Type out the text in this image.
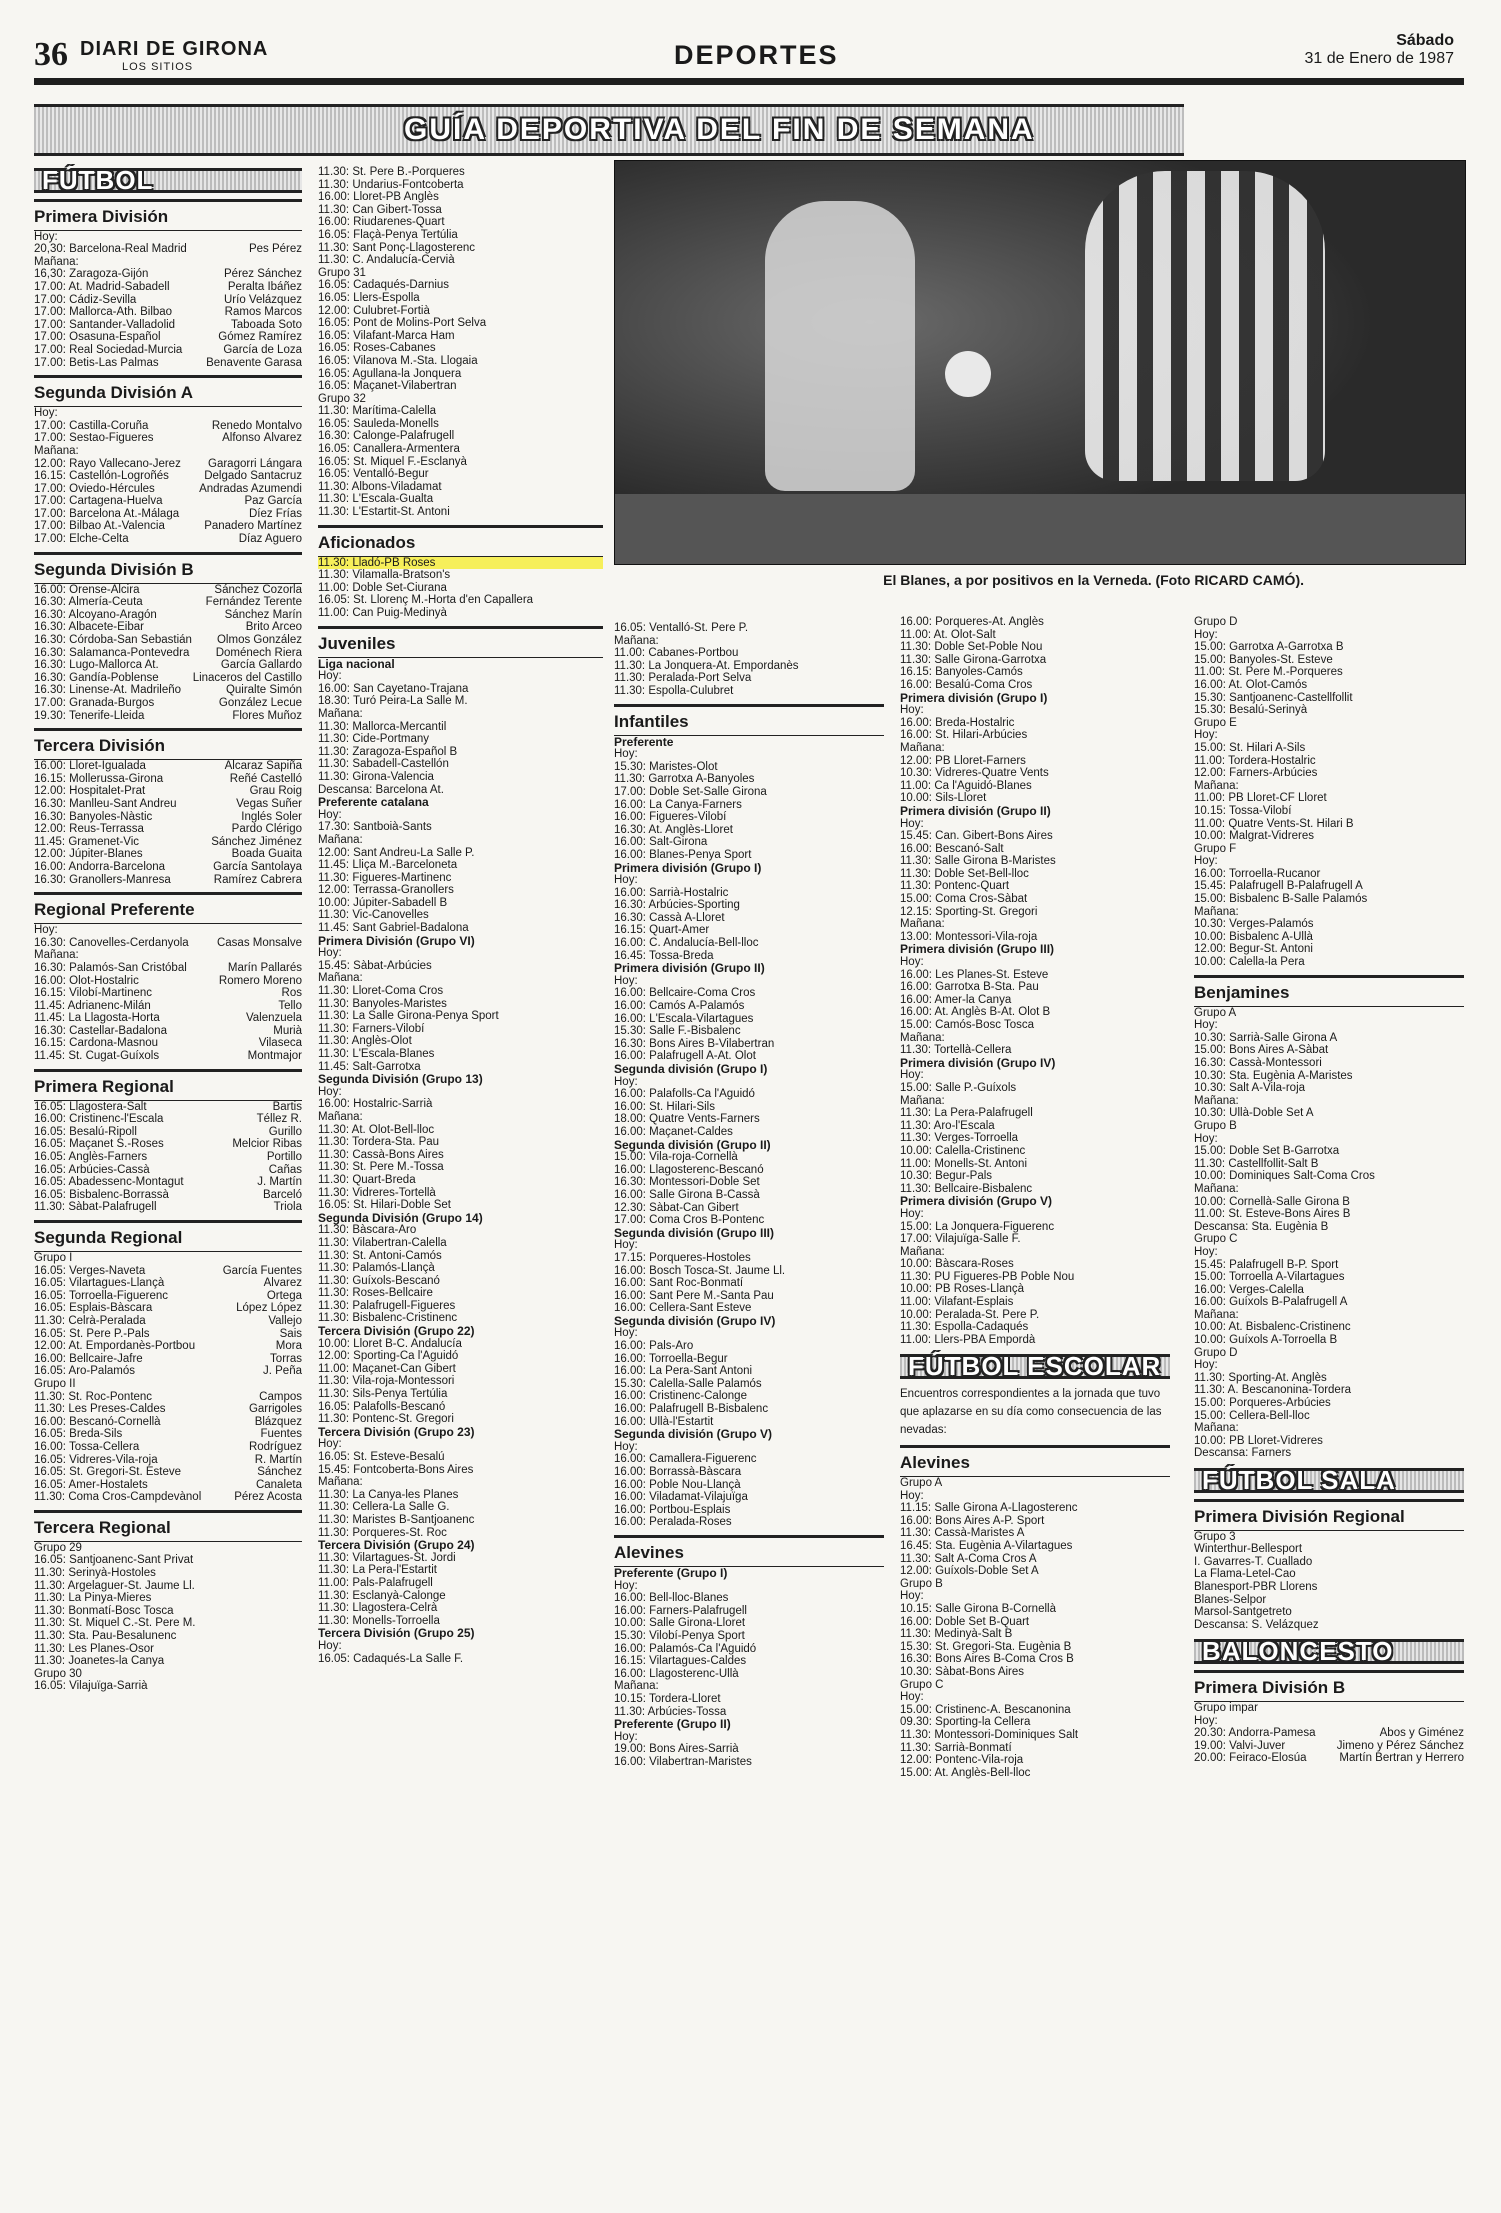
36 DIARI DE GIRONA
LOS SITIOS	DEPORTES	Sábado
31 de Enero de 1987
GUÍA DEPORTIVA DEL FIN DE SEMANA
El Blanes, a por positivos en la Verneda. (Foto RICARD CAMÓ).
FÚTBOL
Primera División
Hoy:
20,30: Barcelona-Real Madrid	Pes Pérez
Mañana:
16,30: Zaragoza-Gijón	Pérez Sánchez
17.00: At. Madrid-Sabadell	Peralta Ibáñez
17.00: Cádiz-Sevilla	Urío Velázquez
17.00: Mallorca-Ath. Bilbao	Ramos Marcos
17.00: Santander-Valladolid	Taboada Soto
17.00: Osasuna-Español	Gómez Ramírez
17.00: Real Sociedad-Murcia	García de Loza
17.00: Betis-Las Palmas	Benavente Garasa
Segunda División A
Hoy:
17.00: Castilla-Coruña	Renedo Montalvo
17.00: Sestao-Figueres	Alfonso Álvarez
Mañana:
12.00: Rayo Vallecano-Jerez	Garagorri Lángara
16.15: Castellón-Logroñés	Delgado Santacruz
17.00: Oviedo-Hércules	Andradas Azumendi
17.00: Cartagena-Huelva	Paz García
17.00: Barcelona At.-Málaga	Díez Frías
17.00: Bilbao At.-Valencia	Panadero Martínez
17.00: Elche-Celta	Díaz Aguero
Segunda División B
16.00: Orense-Alcira	Sánchez Cozorla
16.30: Almería-Ceuta	Fernández Terente
16.30: Alcoyano-Aragón	Sánchez Marín
16.30: Albacete-Eibar	Brito Arceo
16.30: Córdoba-San Sebastián	Olmos González
16.30: Salamanca-Pontevedra	Doménech Riera
16.30: Lugo-Mallorca At.	García Gallardo
16.30: Gandía-Poblense	Linaceros del Castillo
16.30: Linense-At. Madrileño	Quiralte Simón
17.00: Granada-Burgos	González Lecue
19.30: Tenerife-Lleida	Flores Muñoz
Tercera División
16.00: Lloret-Igualada	Alcaraz Sapiña
16.15: Mollerussa-Girona	Reñé Castelló
12.00: Hospitalet-Prat	Grau Roig
16.30: Manlleu-Sant Andreu	Vegas Suñer
16.30: Banyoles-Nàstic	Inglés Soler
12.00: Reus-Terrassa	Pardo Clérigo
11.45: Gramenet-Vic	Sánchez Jiménez
12.00: Júpiter-Blanes	Boada Guaita
16.00: Andorra-Barcelona	García Santolaya
16.30: Granollers-Manresa	Ramírez Cabrera
Regional Preferente
Hoy:
16.30: Canovelles-Cerdanyola	Casas Monsalve
Mañana:
16.30: Palamós-San Cristóbal	Marín Pallarés
16.00: Olot-Hostalric	Romero Moreno
16.15: Vilobí-Martinenc	Ros
11.45: Adrianenc-Milán	Tello
11.45: La Llagosta-Horta	Valenzuela
16.30: Castellar-Badalona	Murià
16.15: Cardona-Masnou	Vilaseca
11.45: St. Cugat-Guíxols	Montmajor
Primera Regional
16.05: Llagostera-Salt	Bartis
16.00: Cristinenc-l'Escala	Téllez R.
16.05: Besalú-Ripoll	Gurillo
16.05: Maçanet S.-Roses	Melcior Ribas
16.05: Anglès-Farners	Portillo
16.05: Arbúcies-Cassà	Cañas
16.05: Abadessenc-Montagut	J. Martín
16.05: Bisbalenc-Borrassà	Barceló
11.30: Sàbat-Palafrugell	Triola
Segunda Regional
Grupo I
16.05: Verges-Naveta	García Fuentes
16.05: Vilartagues-Llançà	Álvarez
16.05: Torroella-Figuerenc	Ortega
16.05: Esplais-Bàscara	López López
11.30: Celrà-Peralada	Vallejo
16.05: St. Pere P.-Pals	Sais
12.00: At. Empordanès-Portbou	Mora
16.00: Bellcaire-Jafre	Torras
16.05: Aro-Palamós	J. Peña
Grupo II
11.30: St. Roc-Pontenc	Campos
11.30: Les Preses-Caldes	Garrigoles
16.00: Bescanó-Cornellà	Blázquez
16.05: Breda-Sils	Fuentes
16.00: Tossa-Cellera	Rodríguez
16.05: Vidreres-Vila-roja	R. Martín
16.05: St. Gregori-St. Esteve	Sánchez
16.05: Amer-Hostalets	Canaleta
11.30: Coma Cros-Campdevànol	Pérez Acosta
Tercera Regional
Grupo 29
16.05: Santjoanenc-Sant Privat
11.30: Serinyà-Hostoles
11.30: Argelaguer-St. Jaume Ll.
11.30: La Pinya-Mieres
11.30: Bonmatí-Bosc Tosca
11.30: St. Miquel C.-St. Pere M.
11.30: Sta. Pau-Besalunenc
11.30: Les Planes-Osor
11.30: Joanetes-la Canya
Grupo 30
16.05: Vilajuïga-Sarrià
11.30: St. Pere B.-Porqueres
11.30: Undarius-Fontcoberta
16.00: Lloret-PB Anglès
11.30: Can Gibert-Tossa
16.00: Riudarenes-Quart
16.05: Flaçà-Penya Tertúlia
11.30: Sant Ponç-Llagosterenc
11.30: C. Andalucía-Cervià
Grupo 31
16.05: Cadaqués-Darnius
16.05: Llers-Espolla
12.00: Culubret-Fortià
16.05: Pont de Molins-Port Selva
16.05: Vilafant-Marca Ham
16.05: Roses-Cabanes
16.05: Vilanova M.-Sta. Llogaia
16.05: Agullana-la Jonquera
16.05: Maçanet-Vilabertran
Grupo 32
11.30: Marítima-Calella
16.05: Sauleda-Monells
16.30: Calonge-Palafrugell
16.05: Canallera-Armentera
16.05: St. Miquel F.-Esclanyà
16.05: Ventalló-Begur
11.30: Albons-Viladamat
11.30: L'Escala-Gualta
11.30: L'Estartit-St. Antoni
Aficionados
11.30: Lladó-PB Roses
11.30: Vilamalla-Bratson's
11.00: Doble Set-Ciurana
16.05: St. Llorenç M.-Horta d'en Capallera
11.00: Can Puig-Medinyà
Juveniles
Liga nacional
Hoy:
16.00: San Cayetano-Trajana
18.30: Turó Peira-La Salle M.
Mañana:
11.30: Mallorca-Mercantil
11.30: Cide-Portmany
11.30: Zaragoza-Español B
11.30: Sabadell-Castellón
11.30: Girona-Valencia
Descansa: Barcelona At.
Preferente catalana
Hoy:
17.30: Santboià-Sants
Mañana:
12.00: Sant Andreu-La Salle P.
11.45: Lliça M.-Barceloneta
11.30: Figueres-Martinenc
12.00: Terrassa-Granollers
10.00: Júpiter-Sabadell B
11.30: Vic-Canovelles
11.45: Sant Gabriel-Badalona
Primera División (Grupo VI)
Hoy:
15.45: Sàbat-Arbúcies
Mañana:
11.30: Lloret-Coma Cros
11.30: Banyoles-Maristes
11.30: La Salle Girona-Penya Sport
11.30: Farners-Vilobí
11.30: Anglès-Olot
11.30: L'Escala-Blanes
11.45: Salt-Garrotxa
Segunda División (Grupo 13)
Hoy:
16.00: Hostalric-Sarrià
Mañana:
11.30: At. Olot-Bell-lloc
11.30: Tordera-Sta. Pau
11.30: Cassà-Bons Aires
11.30: St. Pere M.-Tossa
11.30: Quart-Breda
11.30: Vidreres-Tortellà
16.05: St. Hilari-Doble Set
Segunda División (Grupo 14)
11.30: Bàscara-Aro
11.30: Vilabertran-Calella
11.30: St. Antoni-Camós
11.30: Palamós-Llançà
11.30: Guíxols-Bescanó
11.30: Roses-Bellcaire
11.30: Palafrugell-Figueres
11.30: Bisbalenc-Cristinenc
Tercera División (Grupo 22)
10.00: Lloret B-C. Andalucía
12.00: Sporting-Ca l'Aguidó
11.00: Maçanet-Can Gibert
11.30: Vila-roja-Montessori
11.30: Sils-Penya Tertúlia
16.05: Palafolls-Bescanó
11.30: Pontenc-St. Gregori
Tercera División (Grupo 23)
Hoy:
16.05: St. Esteve-Besalú
15.45: Fontcoberta-Bons Aires
Mañana:
11.30: La Canya-les Planes
11.30: Cellera-La Salle G.
11.30: Maristes B-Santjoanenc
11.30: Porqueres-St. Roc
Tercera División (Grupo 24)
11.30: Vilartagues-St. Jordi
11.30: La Pera-l'Estartit
11.00: Pals-Palafrugell
11.30: Esclanyà-Calonge
11.30: Llagostera-Celrà
11.30: Monells-Torroella
Tercera División (Grupo 25)
Hoy:
16.05: Cadaqués-La Salle F.
16.05: Ventalló-St. Pere P.
Mañana:
11.00: Cabanes-Portbou
11.30: La Jonquera-At. Empordanès
11.30: Peralada-Port Selva
11.30: Espolla-Culubret
Infantiles
Preferente
Hoy:
15.30: Maristes-Olot
11.30: Garrotxa A-Banyoles
17.00: Doble Set-Salle Girona
16.00: La Canya-Farners
16.00: Figueres-Vilobí
16.30: At. Anglès-Lloret
16.00: Salt-Girona
16.00: Blanes-Penya Sport
Primera división (Grupo I)
Hoy:
16.00: Sarrià-Hostalric
16.30: Arbúcies-Sporting
16.30: Cassà A-Lloret
16.15: Quart-Amer
16.00: C. Andalucía-Bell-lloc
16.45: Tossa-Breda
Primera división (Grupo II)
Hoy:
16.00: Bellcaire-Coma Cros
16.00: Camós A-Palamós
16.00: L'Escala-Vilartagues
15.30: Salle F.-Bisbalenc
16.30: Bons Aires B-Vilabertran
16.00: Palafrugell A-At. Olot
Segunda división (Grupo I)
Hoy:
16.00: Palafolls-Ca l'Aguidó
16.00: St. Hilari-Sils
18.00: Quatre Vents-Farners
16.00: Maçanet-Caldes
Segunda división (Grupo II)
15.00: Vila-roja-Cornellà
16.00: Llagosterenc-Bescanó
16.30: Montessori-Doble Set
16.00: Salle Girona B-Cassà
12.30: Sàbat-Can Gibert
17.00: Coma Cros B-Pontenc
Segunda división (Grupo III)
Hoy:
17.15: Porqueres-Hostoles
16.00: Bosch Tosca-St. Jaume Ll.
16.00: Sant Roc-Bonmatí
16.00: Sant Pere M.-Santa Pau
16.00: Cellera-Sant Esteve
Segunda división (Grupo IV)
Hoy:
16.00: Pals-Aro
16.00: Torroella-Begur
16.00: La Pera-Sant Antoni
15.30: Calella-Salle Palamós
16.00: Cristinenc-Calonge
16.00: Palafrugell B-Bisbalenc
16.00: Ullà-l'Estartit
Segunda división (Grupo V)
Hoy:
16.00: Camallera-Figuerenc
16.00: Borrassà-Bàscara
16.00: Poble Nou-Llançà
16.00: Viladamat-Vilajuïga
16.00: Portbou-Esplais
16.00: Peralada-Roses
Alevines
Preferente (Grupo I)
Hoy:
16.00: Bell-lloc-Blanes
16.00: Farners-Palafrugell
10.00: Salle Girona-Lloret
15.30: Vilobí-Penya Sport
16.00: Palamós-Ca l'Aguidó
16.15: Vilartagues-Caldes
16.00: Llagosterenc-Ullà
Mañana:
10.15: Tordera-Lloret
11.30: Arbúcies-Tossa
Preferente (Grupo II)
Hoy:
19.00: Bons Aires-Sarrià
16.00: Vilabertran-Maristes
16.00: Porqueres-At. Anglès
11.00: At. Olot-Salt
11.30: Doble Set-Poble Nou
11.30: Salle Girona-Garrotxa
16.15: Banyoles-Camós
16.00: Besalú-Coma Cros
Primera división (Grupo I)
Hoy:
16.00: Breda-Hostalric
16.00: St. Hilari-Arbúcies
Mañana:
12.00: PB Lloret-Farners
10.30: Vidreres-Quatre Vents
11.00: Ca l'Aguidó-Blanes
10.00: Sils-Lloret
Primera división (Grupo II)
Hoy:
15.45: Can. Gibert-Bons Aires
16.00: Bescanó-Salt
11.30: Salle Girona B-Maristes
11.30: Doble Set-Bell-lloc
11.30: Pontenc-Quart
15.00: Coma Cros-Sàbat
12.15: Sporting-St. Gregori
Mañana:
13.00: Montessori-Vila-roja
Primera división (Grupo III)
Hoy:
16.00: Les Planes-St. Esteve
16.00: Garrotxa B-Sta. Pau
16.00: Amer-la Canya
16.00: At. Anglès B-At. Olot B
15.00: Camós-Bosc Tosca
Mañana:
11.30: Tortellà-Cellera
Primera división (Grupo IV)
Hoy:
15.00: Salle P.-Guíxols
Mañana:
11.30: La Pera-Palafrugell
11.30: Aro-l'Escala
11.30: Verges-Torroella
10.00: Calella-Cristinenc
11.00: Monells-St. Antoni
10.30: Begur-Pals
11.30: Bellcaire-Bisbalenc
Primera división (Grupo V)
Hoy:
15.00: La Jonquera-Figuerenc
17.00: Vilajuïga-Salle F.
Mañana:
10.00: Bàscara-Roses
11.30: PU Figueres-PB Poble Nou
10.00: PB Roses-Llançà
11.00: Vilafant-Esplais
10.00: Peralada-St. Pere P.
11.30: Espolla-Cadaqués
11.00: Llers-PBA Empordà
FÚTBOL ESCOLAR
Encuentros correspondientes a la jornada que tuvo que aplazarse en su día como consecuencia de las nevadas:
Alevines
Grupo A
Hoy:
11.15: Salle Girona A-Llagosterenc
16.00: Bons Aires A-P. Sport
11.30: Cassà-Maristes A
16.45: Sta. Eugènia A-Vilartagues
11.30: Salt A-Coma Cros A
12.00: Guíxols-Doble Set A
Grupo B
Hoy:
10.15: Salle Girona B-Cornellà
16.00: Doble Set B-Quart
11.30: Medinyà-Salt B
15.30: St. Gregori-Sta. Eugènia B
16.30: Bons Aires B-Coma Cros B
10.30: Sàbat-Bons Aires
Grupo C
Hoy:
15.00: Cristinenc-A. Bescanonina
09.30: Sporting-la Cellera
11.30: Montessori-Dominiques Salt
11.30: Sarrià-Bonmatí
12.00: Pontenc-Vila-roja
15.00: At. Anglès-Bell-lloc
Grupo D
Hoy:
15.00: Garrotxa A-Garrotxa B
15.00: Banyoles-St. Esteve
11.00: St. Pere M.-Porqueres
16.00: At. Olot-Camós
15.30: Santjoanenc-Castellfollit
15.30: Besalú-Serinyà
Grupo E
Hoy:
15.00: St. Hilari A-Sils
11.00: Tordera-Hostalric
12.00: Farners-Arbúcies
Mañana:
11.00: PB Lloret-CF Lloret
10.15: Tossa-Vilobí
11.00: Quatre Vents-St. Hilari B
10.00: Malgrat-Vidreres
Grupo F
Hoy:
16.00: Torroella-Rucanor
15.45: Palafrugell B-Palafrugell A
15.00: Bisbalenc B-Salle Palamós
Mañana:
10.30: Verges-Palamós
10.00: Bisbalenc A-Ullà
12.00: Begur-St. Antoni
10.00: Calella-la Pera
Benjamines
Grupo A
Hoy:
10.30: Sarrià-Salle Girona A
15.00: Bons Aires A-Sàbat
16.30: Cassà-Montessori
10.30: Sta. Eugènia A-Maristes
10.30: Salt A-Vila-roja
Mañana:
10.30: Ullà-Doble Set A
Grupo B
Hoy:
15.00: Doble Set B-Garrotxa
11.30: Castellfollit-Salt B
10.00: Dominiques Salt-Coma Cros
Mañana:
10.00: Cornellà-Salle Girona B
11.00: St. Esteve-Bons Aires B
Descansa: Sta. Eugènia B
Grupo C
Hoy:
15.45: Palafrugell B-P. Sport
15.00: Torroella A-Vilartagues
16.00: Verges-Calella
16.00: Guíxols B-Palafrugell A
Mañana:
10.00: At. Bisbalenc-Cristinenc
10.00: Guíxols A-Torroella B
Grupo D
Hoy:
11.30: Sporting-At. Anglès
11.30: A. Bescanonina-Tordera
15.00: Porqueres-Arbúcies
15.00: Cellera-Bell-lloc
Mañana:
10.00: PB Lloret-Vidreres
Descansa: Farners
FÚTBOL SALA
Primera División Regional
Grupo 3
Winterthur-Bellesport
I. Gavarres-T. Cuallado
La Flama-Letel-Cao
Blanesport-PBR Llorens
Blanes-Selpor
Marsol-Santgetreto
Descansa: S. Velázquez
BALONCESTO
Primera División B
Grupo impar
Hoy:
20.30: Andorra-Pamesa	Abos y Giménez
19.00: Valvi-Juver	Jimeno y Pérez Sánchez
20.00: Feiraco-Elosúa	Martín Bertran y Herrero
